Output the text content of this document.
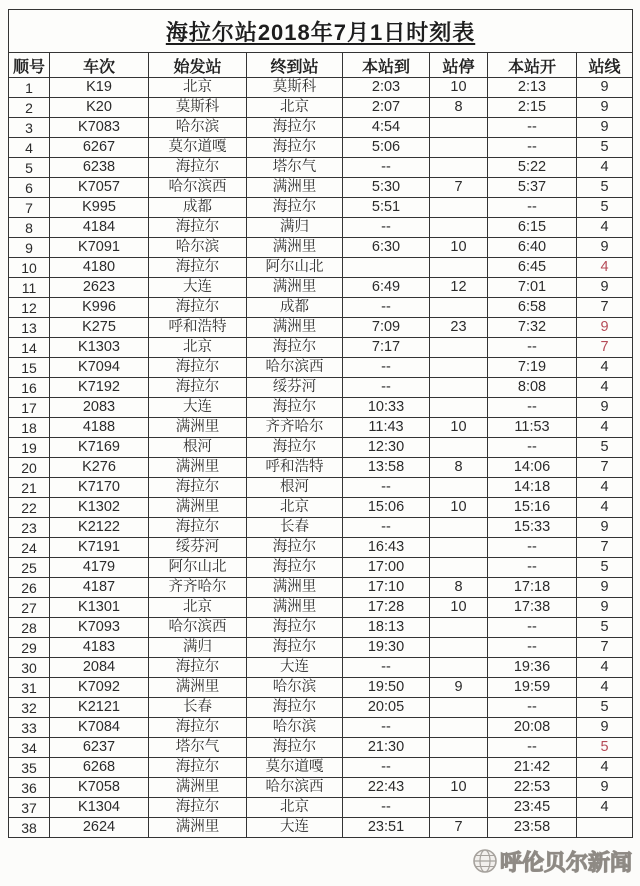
海拉尔站2018年7月1日时刻表							
顺号	车次	始发站	终到站	本站到	站停	本站开	站线
1	K19	北京	莫斯科	2:03	10	2:13	9
2	K20	莫斯科	北京	2:07	8	2:15	9
3	K7083	哈尔滨	海拉尔	4:54		--	9
4	6267	莫尔道嘎	海拉尔	5:06		--	5
5	6238	海拉尔	塔尔气	--		5:22	4
6	K7057	哈尔滨西	满洲里	5:30	7	5:37	5
7	K995	成都	海拉尔	5:51		--	5
8	4184	海拉尔	满归	--		6:15	4
9	K7091	哈尔滨	满洲里	6:30	10	6:40	9
10	4180	海拉尔	阿尔山北			6:45	4
11	2623	大连	满洲里	6:49	12	7:01	9
12	K996	海拉尔	成都	--		6:58	7
13	K275	呼和浩特	满洲里	7:09	23	7:32	9
14	K1303	北京	海拉尔	7:17		--	7
15	K7094	海拉尔	哈尔滨西	--		7:19	4
16	K7192	海拉尔	绥芬河	--		8:08	4
17	2083	大连	海拉尔	10:33		--	9
18	4188	满洲里	齐齐哈尔	11:43	10	11:53	4
19	K7169	根河	海拉尔	12:30		--	5
20	K276	满洲里	呼和浩特	13:58	8	14:06	7
21	K7170	海拉尔	根河	--		14:18	4
22	K1302	满洲里	北京	15:06	10	15:16	4
23	K2122	海拉尔	长春	--		15:33	9
24	K7191	绥芬河	海拉尔	16:43		--	7
25	4179	阿尔山北	海拉尔	17:00		--	5
26	4187	齐齐哈尔	满洲里	17:10	8	17:18	9
27	K1301	北京	满洲里	17:28	10	17:38	9
28	K7093	哈尔滨西	海拉尔	18:13		--	5
29	4183	满归	海拉尔	19:30		--	7
30	2084	海拉尔	大连	--		19:36	4
31	K7092	满洲里	哈尔滨	19:50	9	19:59	4
32	K2121	长春	海拉尔	20:05		--	5
33	K7084	海拉尔	哈尔滨	--		20:08	9
34	6237	塔尔气	海拉尔	21:30		--	5
35	6268	海拉尔	莫尔道嘎	--		21:42	4
36	K7058	满洲里	哈尔滨西	22:43	10	22:53	9
37	K1304	海拉尔	北京	--		23:45	4
38	2624	满洲里	大连	23:51	7	23:58	
呼伦贝尔新闻
